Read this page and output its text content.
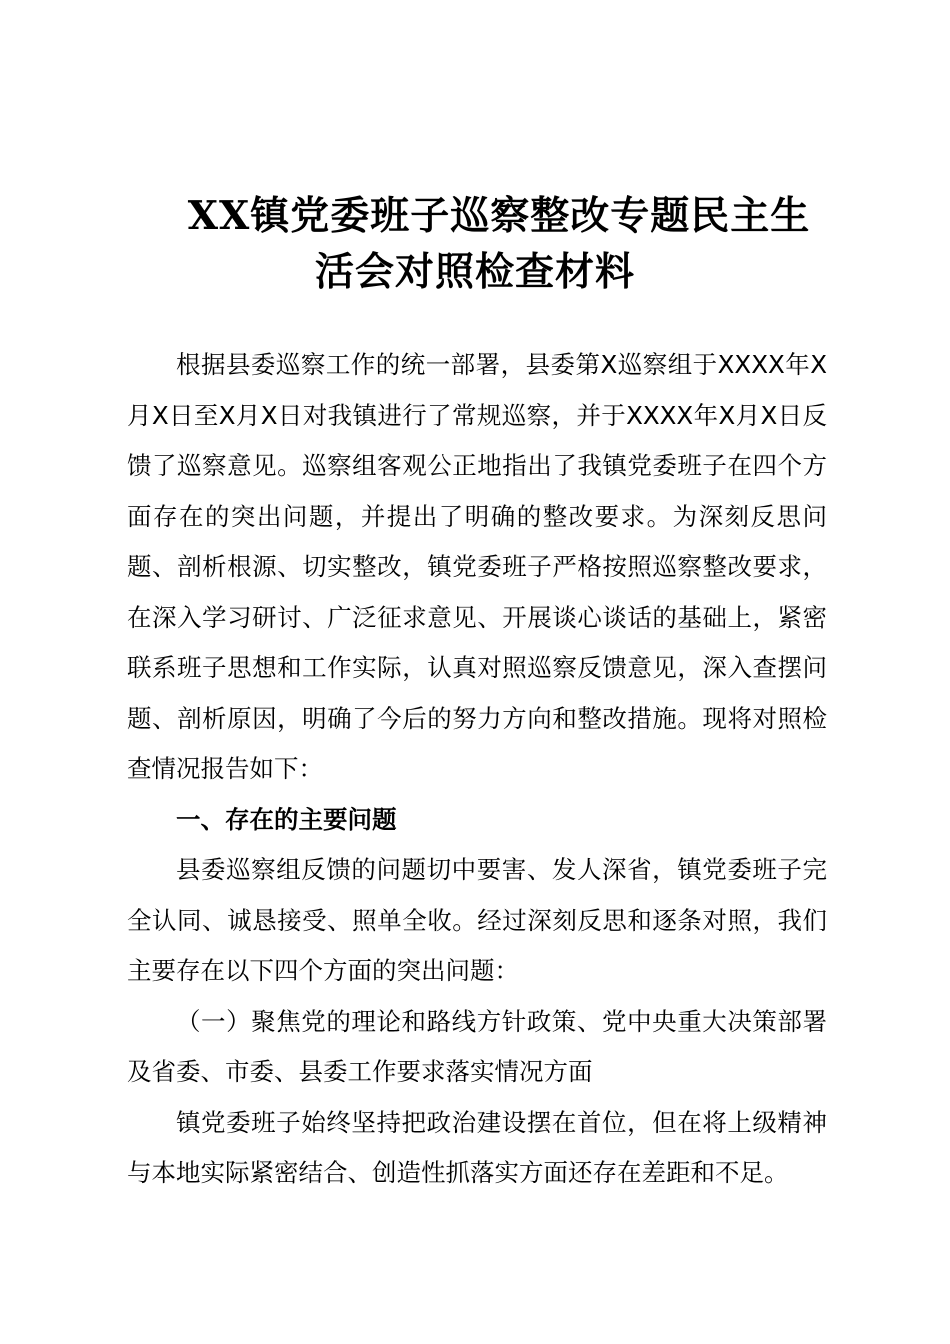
XX镇党委班子巡察整改专题民主生
活会对照检查材料

根据县委巡察工作的统一部署，县委第X巡察组于XXXX年X月X日至X月X日对我镇进行了常规巡察，并于XXXX年X月X日反馈了巡察意见。巡察组客观公正地指出了我镇党委班子在四个方面存在的突出问题，并提出了明确的整改要求。为深刻反思问题、剖析根源、切实整改，镇党委班子严格按照巡察整改要求，在深入学习研讨、广泛征求意见、开展谈心谈话的基础上，紧密联系班子思想和工作实际，认真对照巡察反馈意见，深入查摆问题、剖析原因，明确了今后的努力方向和整改措施。现将对照检查情况报告如下：

一、存在的主要问题

县委巡察组反馈的问题切中要害、发人深省，镇党委班子完全认同、诚恳接受、照单全收。经过深刻反思和逐条对照，我们主要存在以下四个方面的突出问题：

（一）聚焦党的理论和路线方针政策、党中央重大决策部署及省委、市委、县委工作要求落实情况方面

镇党委班子始终坚持把政治建设摆在首位，但在将上级精神与本地实际紧密结合、创造性抓落实方面还存在差距和不足。
